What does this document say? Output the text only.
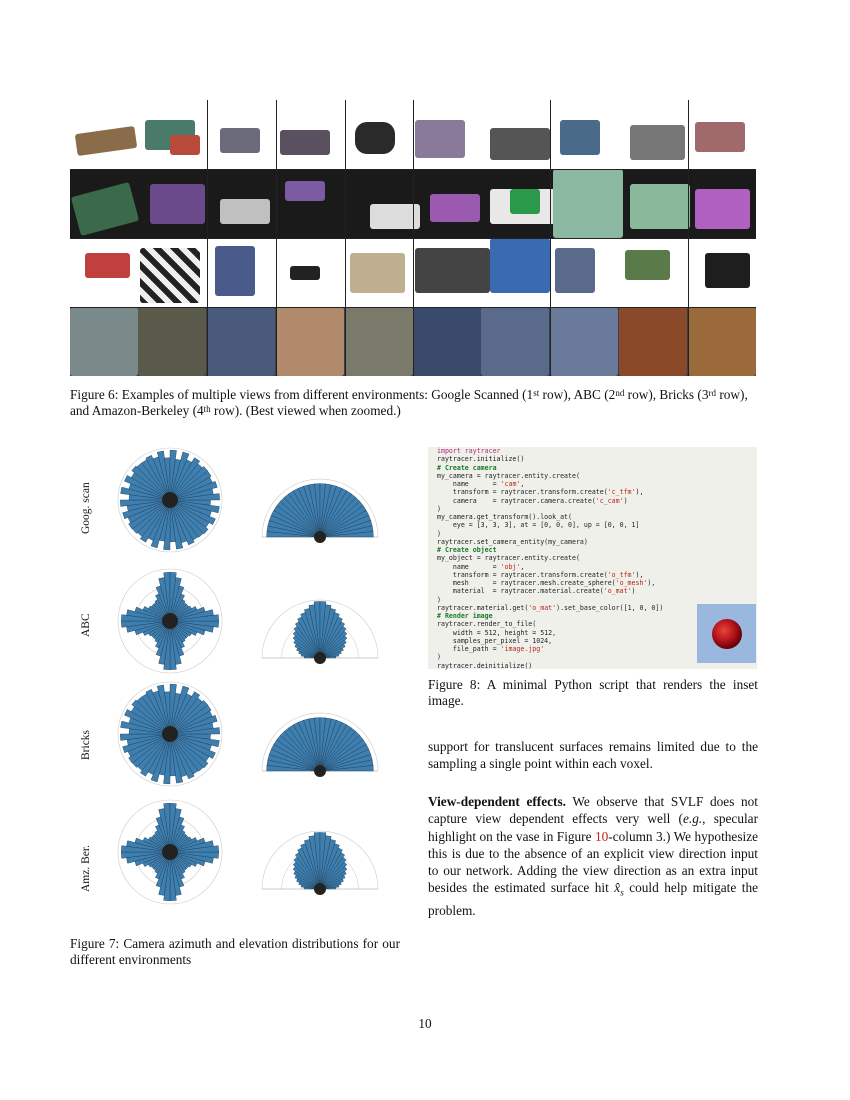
Figure 6: Examples of multiple views from different environments: Google Scanned (1st row), ABC (2nd row), Bricks (3rd row), and Amazon-Berkeley (4th row). (Best viewed when zoomed.)
Goog. scan
ABC
Bricks
Amz. Ber.
Figure 7: Camera azimuth and elevation distributions for our different environments
import raytracer
raytracer.initialize()
# Create camera
my_camera = raytracer.entity.create(
name      = 'cam',
transform = raytracer.transform.create('c_tfm'),
camera    = raytracer.camera.create('c_cam')
)
my_camera.get_transform().look_at(
eye = [3, 3, 3], at = [0, 0, 0], up = [0, 0, 1]
)
raytracer.set_camera_entity(my_camera)
# Create object
my_object = raytracer.entity.create(
name      = 'obj',
transform = raytracer.transform.create('o_tfm'),
mesh      = raytracer.mesh.create_sphere('o_mesh'),
material  = raytracer.material.create('o_mat')
)
raytracer.material.get('o_mat').set_base_color([1, 0, 0])
# Render image
raytracer.render_to_file(
width = 512, height = 512,
samples_per_pixel = 1024,
file_path = 'image.jpg'
)
raytracer.deinitialize()
Figure 8: A minimal Python script that renders the inset image.
support for translucent surfaces remains limited due to the sampling a single point within each voxel.
View-dependent effects. We observe that SVLF does not capture view dependent effects very well (e.g., specular highlight on the vase in Figure 10-column 3.) We hypothesize this is due to the absence of an explicit view direction input to our network. Adding the view direction as an extra input besides the estimated surface hit $x̂_s$ could help mitigate the problem.
10
